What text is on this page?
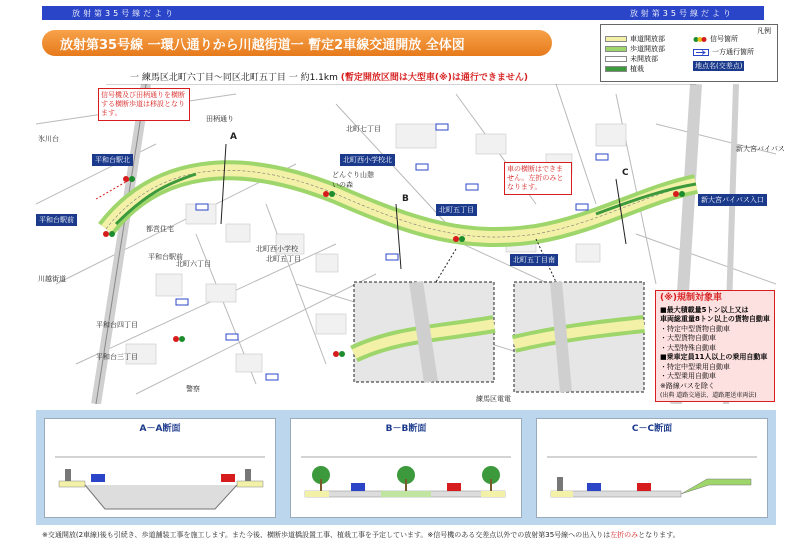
放射第35号線だより	放射第35号線だより
放射第35号線 一環八通りから川越街道一 暫定2車線交通開放 全体図
凡例
車道開放部
歩道開放部
未開放部
植栽
信号箇所
一方通行箇所
地点名(交差点)
一 練馬区北町六丁目～同区北町五丁目 一 約1.1km (暫定開放区間は大型車(※)は通行できません)
信号機及び田柄通りを横断する横断歩道は移設となります。
車の横断はできません。左折のみとなります。
平和台駅北
平和台駅前
北町西小学校北
北町五丁目
北町五丁目南
新大宮バイパス入口
平和台駅前
北町六丁目
北町五丁目
北町西小学校
北町七丁目
どんぐり山憩いの森
都営住宅
田柄通り
新大宮バイパス
川越街道
練馬区電電
平和台四丁目
平和台三丁目
氷川台
警察
A
B
C
(※)規制対象車
■最大積載量5トン以上又は
車両総重量8トン以上の貨物自動車
・特定中型貨物自動車
・大型貨物自動車
・大型特殊自動車
■乗車定員11人以上の乗用自動車
・特定中型乗用自動車
・大型乗用自動車
※路線バスを除く
(出典 道路交通法、道路運送車両法)
A－A断面	B－B断面	C－C断面
※交通開放(2車線)後も引続き、歩道舗装工事を施工します。また今後、横断歩道橋設置工事、植栽工事を予定しています。※信号機のある交差点以外での放射第35号線への出入りは左折のみとなります。
